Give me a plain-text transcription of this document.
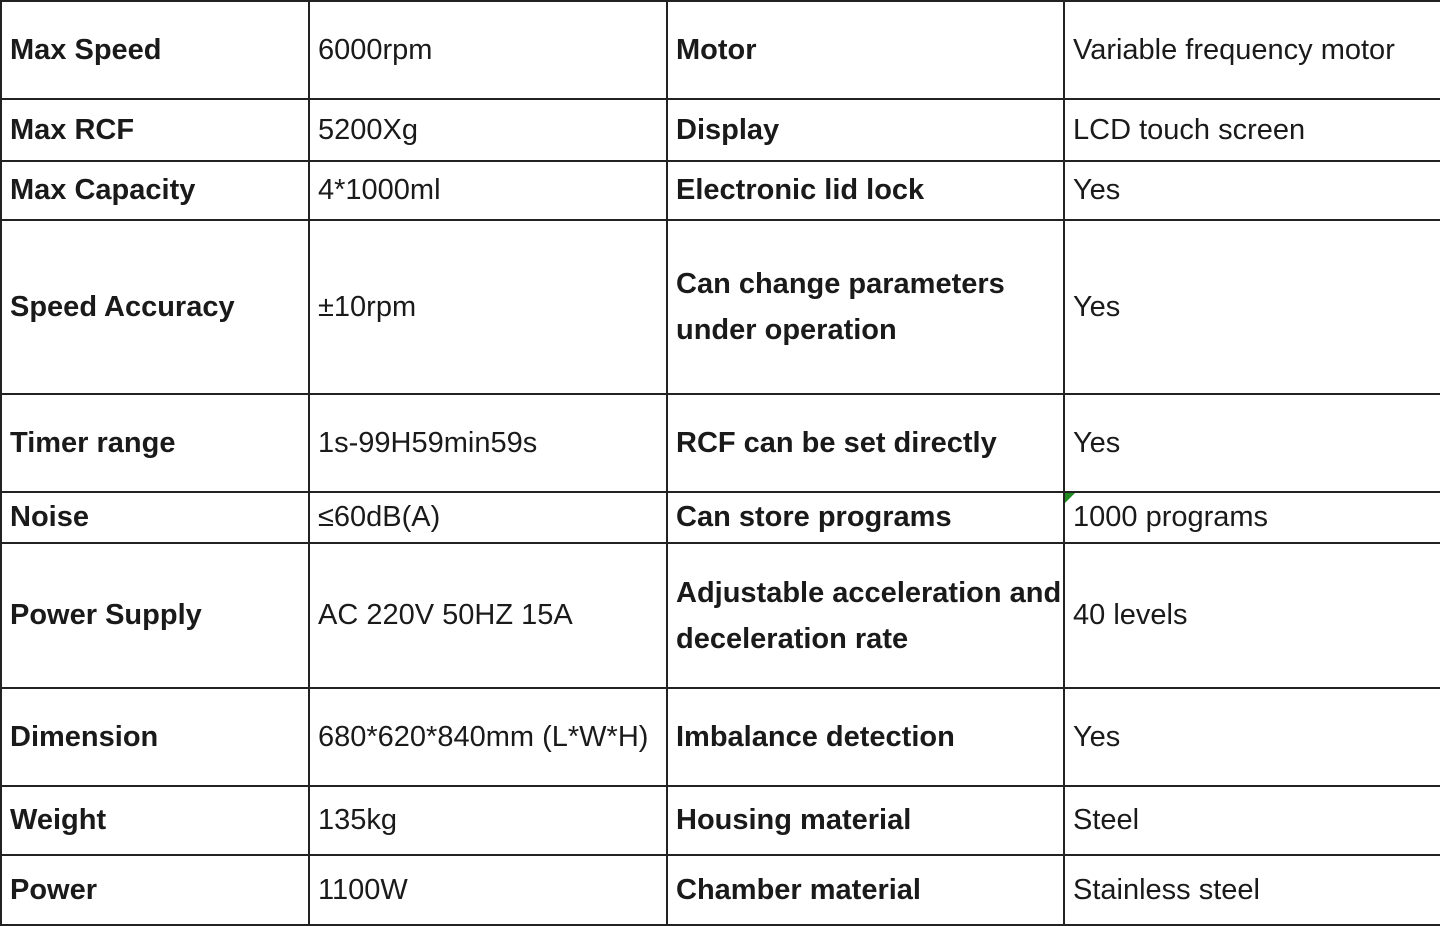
Max Speed	6000rpm	Motor	Variable frequency motor
Max RCF	5200Xg	Display	LCD touch screen
Max Capacity	4*1000ml	Electronic lid lock	Yes
Speed Accuracy	±10rpm	Can change parameters under operation	Yes
Timer range	1s-99H59min59s	RCF can be set directly	Yes
Noise	≤60dB(A)	Can store programs	1000 programs
Power Supply	AC 220V 50HZ 15A	Adjustable acceleration and deceleration rate	40 levels
Dimension	680*620*840mm (L*W*H)	Imbalance detection	Yes
Weight	135kg	Housing material	Steel
Power	1100W	Chamber material	Stainless steel
